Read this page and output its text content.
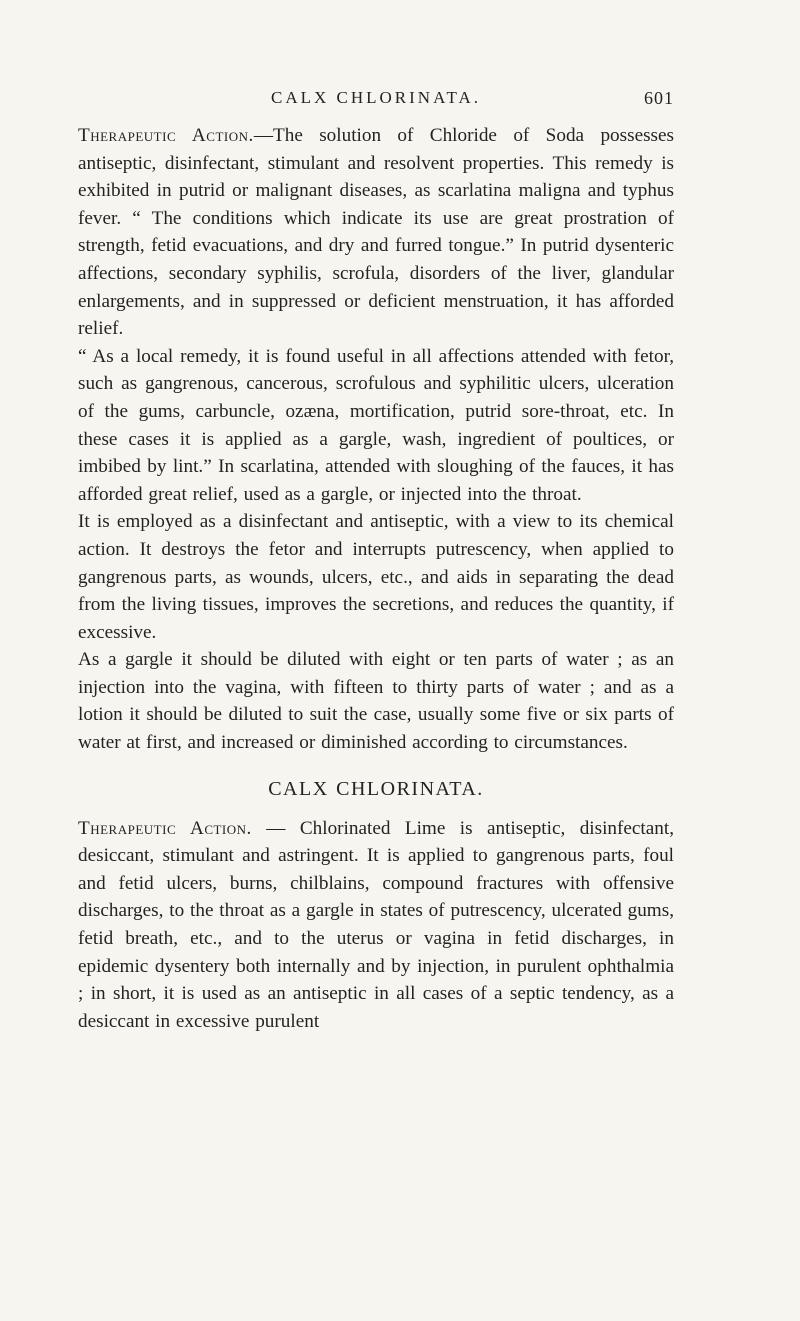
CALX CHLORINATA.	601

Therapeutic Action.—The solution of Chloride of Soda possesses antiseptic, disinfectant, stimulant and resolvent properties. This remedy is exhibited in putrid or malignant diseases, as scarlatina maligna and typhus fever. “ The conditions which indicate its use are great prostration of strength, fetid evacuations, and dry and furred tongue.” In putrid dysenteric affections, secondary syphilis, scrofula, disorders of the liver, glandular enlargements, and in suppressed or deficient menstruation, it has afforded relief.

“ As a local remedy, it is found useful in all affections attended with fetor, such as gangrenous, cancerous, scrofulous and syphilitic ulcers, ulceration of the gums, carbuncle, ozæna, mortification, putrid sore-throat, etc. In these cases it is applied as a gargle, wash, ingredient of poultices, or imbibed by lint.” In scarlatina, attended with sloughing of the fauces, it has afforded great relief, used as a gargle, or injected into the throat.

It is employed as a disinfectant and antiseptic, with a view to its chemical action. It destroys the fetor and interrupts putrescency, when applied to gangrenous parts, as wounds, ulcers, etc., and aids in separating the dead from the living tissues, improves the secretions, and reduces the quantity, if excessive.

As a gargle it should be diluted with eight or ten parts of water ; as an injection into the vagina, with fifteen to thirty parts of water ; and as a lotion it should be diluted to suit the case, usually some five or six parts of water at first, and increased or diminished according to circumstances.

CALX CHLORINATA.

Therapeutic Action. — Chlorinated Lime is antiseptic, disinfectant, desiccant, stimulant and astringent. It is applied to gangrenous parts, foul and fetid ulcers, burns, chilblains, compound fractures with offensive discharges, to the throat as a gargle in states of putrescency, ulcerated gums, fetid breath, etc., and to the uterus or vagina in fetid discharges, in epidemic dysentery both internally and by injection, in purulent ophthalmia ; in short, it is used as an antiseptic in all cases of a septic tendency, as a desiccant in excessive purulent
